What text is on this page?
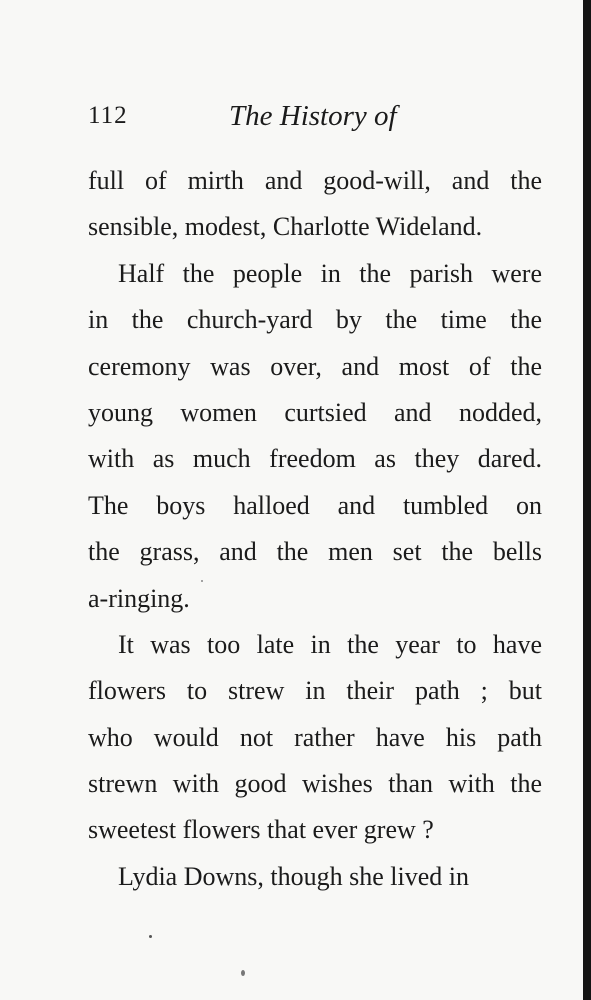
112	The History of
full of mirth and good-will, and the
sensible, modest, Charlotte Wideland.
Half the people in the parish were
in the church-yard by the time the
ceremony was over, and most of the
young women curtsied and nodded,
with as much freedom as they dared.
The boys halloed and tumbled on
the grass, and the men set the bells
a-ringing.
It was too late in the year to have
flowers to strew in their path ; but
who would not rather have his path
strewn with good wishes than with the
sweetest flowers that ever grew ?
Lydia Downs, though she lived in
